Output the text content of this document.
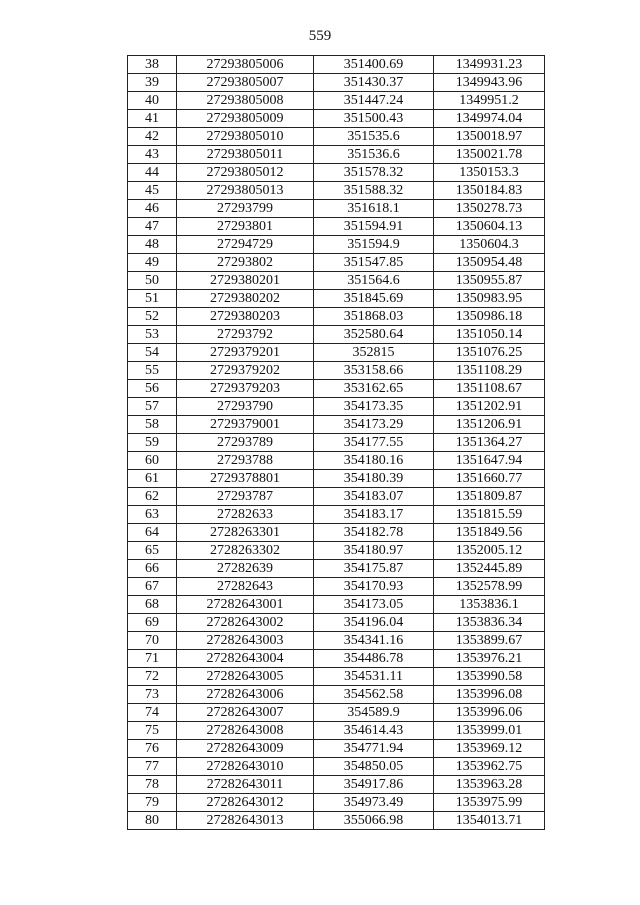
559
38	27293805006	351400.69	1349931.23
39	27293805007	351430.37	1349943.96
40	27293805008	351447.24	1349951.2
41	27293805009	351500.43	1349974.04
42	27293805010	351535.6	1350018.97
43	27293805011	351536.6	1350021.78
44	27293805012	351578.32	1350153.3
45	27293805013	351588.32	1350184.83
46	27293799	351618.1	1350278.73
47	27293801	351594.91	1350604.13
48	27294729	351594.9	1350604.3
49	27293802	351547.85	1350954.48
50	2729380201	351564.6	1350955.87
51	2729380202	351845.69	1350983.95
52	2729380203	351868.03	1350986.18
53	27293792	352580.64	1351050.14
54	2729379201	352815	1351076.25
55	2729379202	353158.66	1351108.29
56	2729379203	353162.65	1351108.67
57	27293790	354173.35	1351202.91
58	2729379001	354173.29	1351206.91
59	27293789	354177.55	1351364.27
60	27293788	354180.16	1351647.94
61	2729378801	354180.39	1351660.77
62	27293787	354183.07	1351809.87
63	27282633	354183.17	1351815.59
64	2728263301	354182.78	1351849.56
65	2728263302	354180.97	1352005.12
66	27282639	354175.87	1352445.89
67	27282643	354170.93	1352578.99
68	27282643001	354173.05	1353836.1
69	27282643002	354196.04	1353836.34
70	27282643003	354341.16	1353899.67
71	27282643004	354486.78	1353976.21
72	27282643005	354531.11	1353990.58
73	27282643006	354562.58	1353996.08
74	27282643007	354589.9	1353996.06
75	27282643008	354614.43	1353999.01
76	27282643009	354771.94	1353969.12
77	27282643010	354850.05	1353962.75
78	27282643011	354917.86	1353963.28
79	27282643012	354973.49	1353975.99
80	27282643013	355066.98	1354013.71
